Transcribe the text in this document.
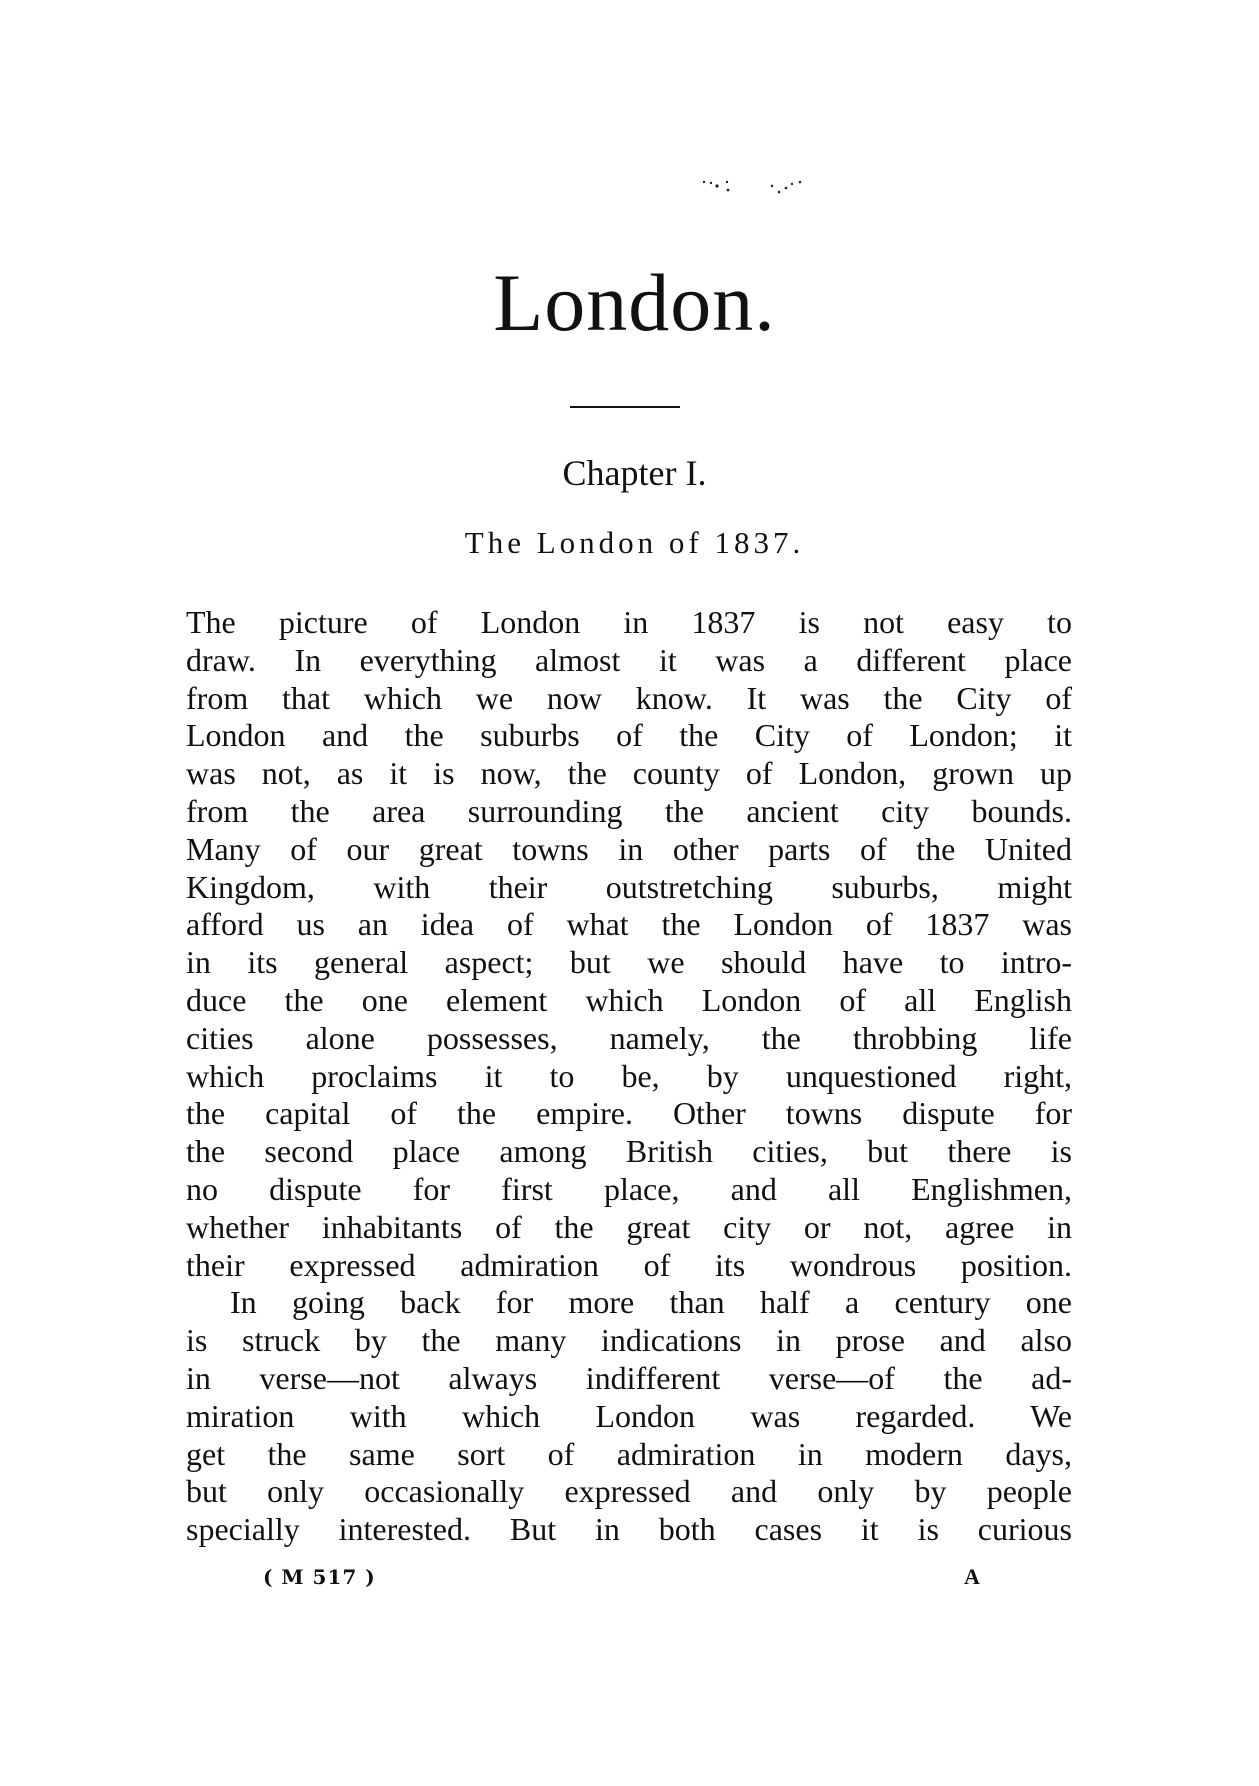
London.
Chapter I.
The London of 1837.
The picture of London in 1837 is not easy to
draw. In everything almost it was a different place
from that which we now know. It was the City of
London and the suburbs of the City of London; it
was not, as it is now, the county of London, grown up
from the area surrounding the ancient city bounds.
Many of our great towns in other parts of the United
Kingdom, with their outstretching suburbs, might
afford us an idea of what the London of 1837 was
in its general aspect; but we should have to intro-
duce the one element which London of all English
cities alone possesses, namely, the throbbing life
which proclaims it to be, by unquestioned right,
the capital of the empire. Other towns dispute for
the second place among British cities, but there is
no dispute for first place, and all Englishmen,
whether inhabitants of the great city or not, agree in
their expressed admiration of its wondrous position.
In going back for more than half a century one
is struck by the many indications in prose and also
in verse—not always indifferent verse—of the ad-
miration with which London was regarded. We
get the same sort of admiration in modern days,
but only occasionally expressed and only by people
specially interested. But in both cases it is curious
( M 517 )	A
